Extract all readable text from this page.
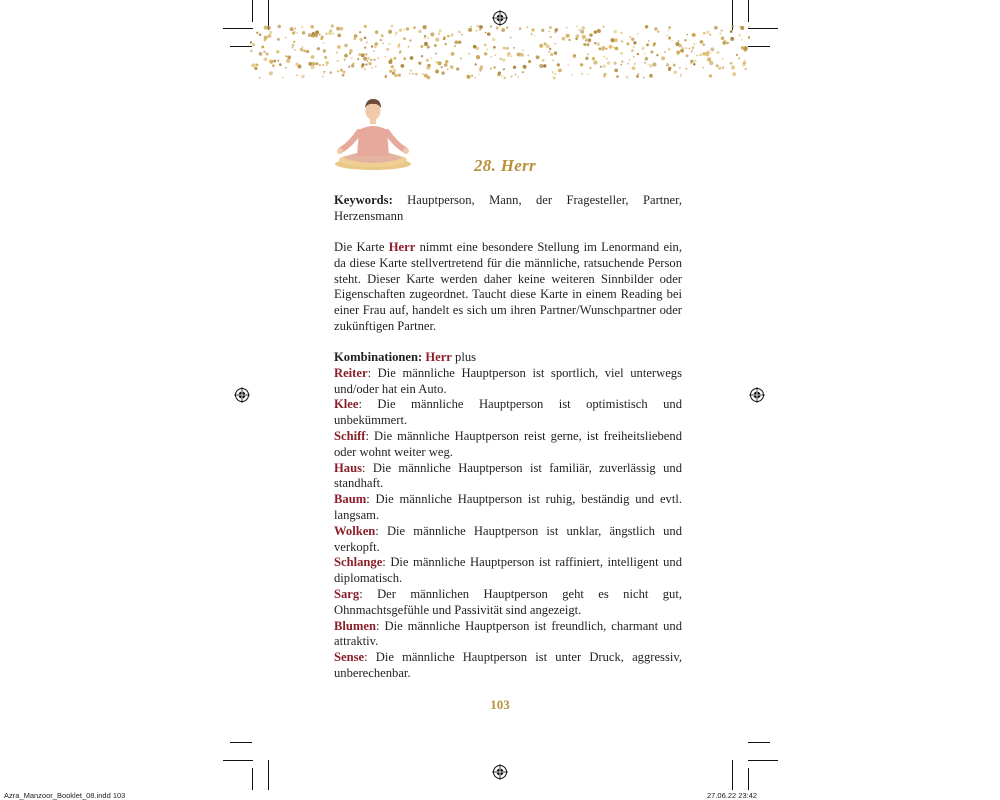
28. Herr

Keywords: Hauptperson, Mann, der Fragesteller, Partner, Herzensmann

Die Karte Herr nimmt eine besondere Stellung im Lenormand ein, da diese Karte stellvertretend für die männliche, ratsuchende Person steht. Dieser Karte werden daher keine weiteren Sinnbilder oder Eigenschaften zugeordnet. Taucht diese Karte in einem Reading bei einer Frau auf, handelt es sich um ihren Partner/Wunschpartner oder zukünftigen Partner.

Kombinationen: Herr plus

Reiter: Die männliche Hauptperson ist sportlich, viel unterwegs und/oder hat ein Auto.

Klee: Die männliche Hauptperson ist optimistisch und unbekümmert.

Schiff: Die männliche Hauptperson reist gerne, ist freiheitsliebend oder wohnt weiter weg.

Haus: Die männliche Hauptperson ist familiär, zuverlässig und standhaft.

Baum: Die männliche Hauptperson ist ruhig, beständig und evtl. langsam.

Wolken: Die männliche Hauptperson ist unklar, ängstlich und verkopft.

Schlange: Die männliche Hauptperson ist raffiniert, intelligent und diplomatisch.

Sarg: Der männlichen Hauptperson geht es nicht gut, Ohnmachtsgefühle und Passivität sind angezeigt.

Blumen: Die männliche Hauptperson ist freundlich, charmant und attraktiv.

Sense: Die männliche Hauptperson ist unter Druck, aggressiv, unberechenbar.

103
Azra_Manzoor_Booklet_08.indd 103	27.06.22 23:42
